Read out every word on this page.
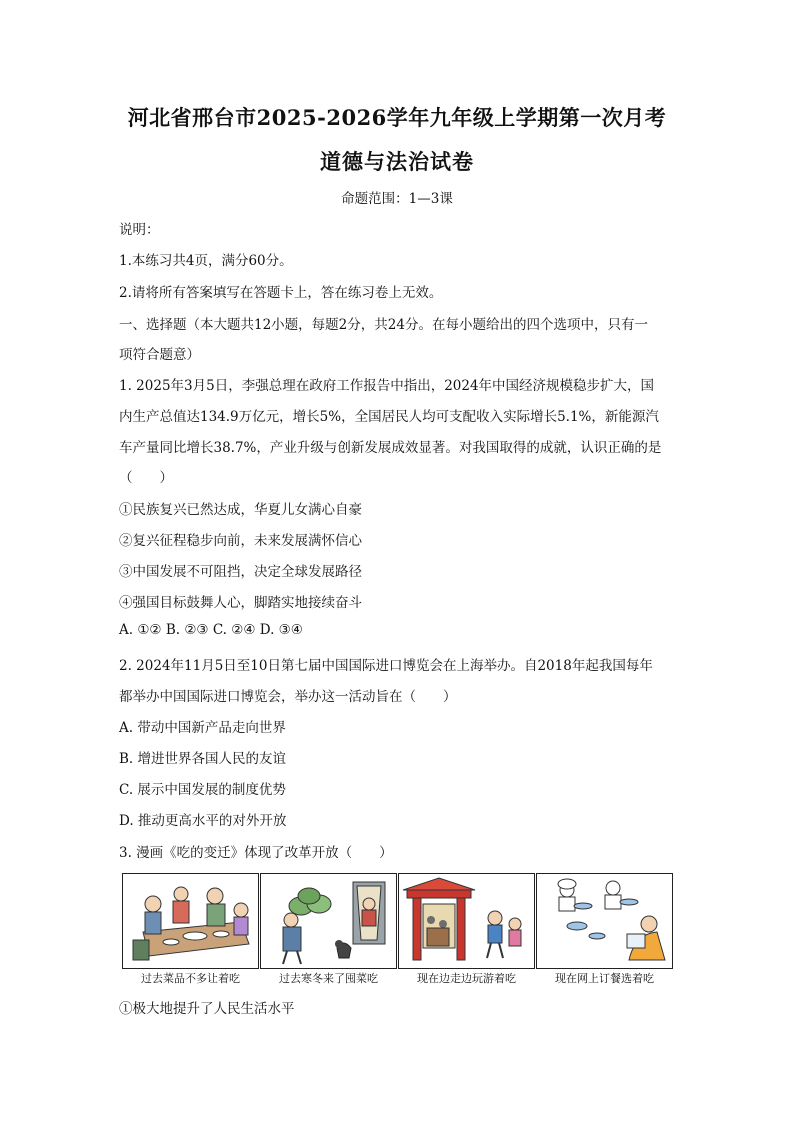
河北省邢台市2025-2026学年九年级上学期第一次月考
道德与法治试卷
命题范围：1—3课
说明：
1.本练习共4页，满分60分。
2.请将所有答案填写在答题卡上，答在练习卷上无效。
一、选择题（本大题共12小题，每题2分，共24分。在每小题给出的四个选项中，只有一
项符合题意）
1. 2025年3月5日，李强总理在政府工作报告中指出，2024年中国经济规模稳步扩大，国
内生产总值达134.9万亿元，增长5%，全国居民人均可支配收入实际增长5.1%，新能源汽
车产量同比增长38.7%，产业升级与创新发展成效显著。对我国取得的成就，认识正确的是
（　　）
①民族复兴已然达成，华夏儿女满心自豪
②复兴征程稳步向前，未来发展满怀信心
③中国发展不可阻挡，决定全球发展路径
④强国目标鼓舞人心，脚踏实地接续奋斗
A. ①② B. ②③ C. ②④ D. ③④
2. 2024年11月5日至10日第七届中国国际进口博览会在上海举办。自2018年起我国每年
都举办中国国际进口博览会，举办这一活动旨在（　　）
A. 带动中国新产品走向世界
B. 增进世界各国人民的友谊
C. 展示中国发展的制度优势
D. 推动更高水平的对外开放
3. 漫画《吃的变迁》体现了改革开放（　　）
过去菜品不多让着吃	过去寒冬来了囤菜吃	现在边走边玩游着吃	现在网上订餐选着吃
①极大地提升了人民生活水平
